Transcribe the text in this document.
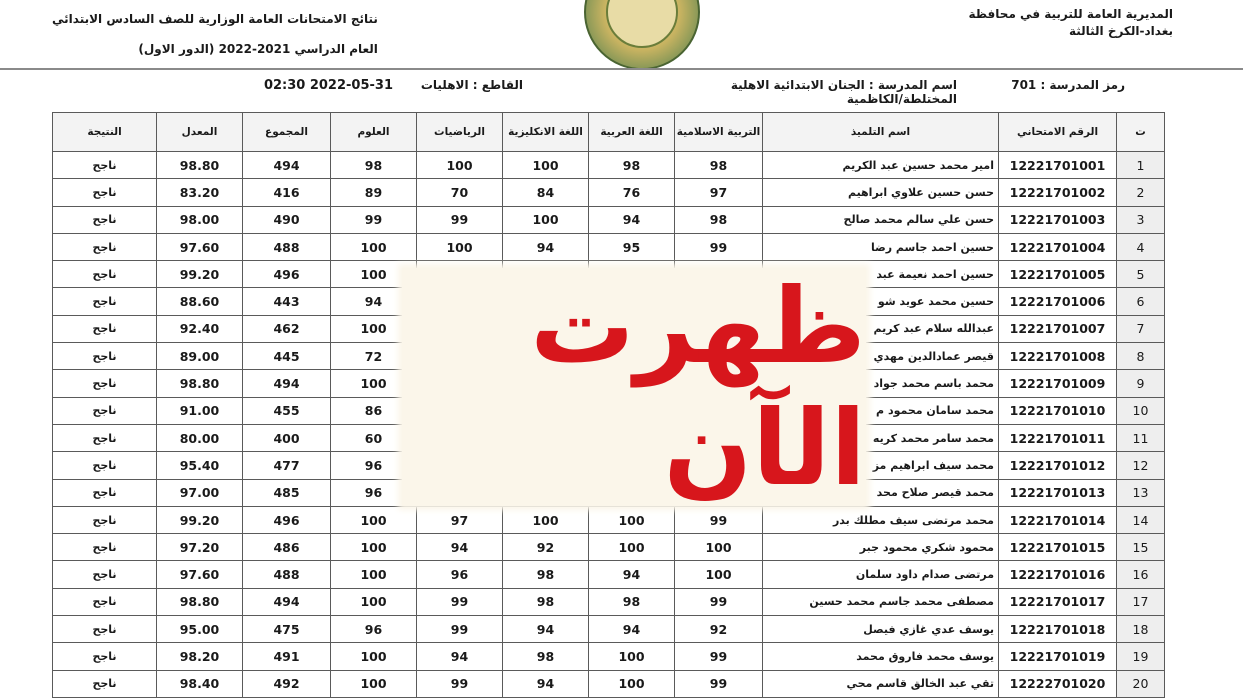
المديرية العامة للتربية في محافظة
بغداد-الكرخ الثالثة
نتائج الامتحانات العامة الوزارية للصف السادس الابتدائي
العام الدراسي 2021-2022 (الدور الاول)
رمز المدرسة : 701
اسم المدرسة : الجنان الابتدائية الاهلية
المختلطة/الكاظمية
القاطع : الاهليات
02:30 2022-05-31
ت	الرقم الامتحاني	اسم التلميذ	التربية الاسلامية	اللغة العربية	اللغة الانكليزية	الرياضيات	العلوم	المجموع	المعدل	النتيجة
1	12221701001	امير محمد حسين عبد الكريم	98	98	100	100	98	494	98.80	ناجح
2	12221701002	حسن حسين علاوي ابراهيم	97	76	84	70	89	416	83.20	ناجح
3	12221701003	حسن علي سالم محمد صالح	98	94	100	99	99	490	98.00	ناجح
4	12221701004	حسين احمد جاسم رضا	99	95	94	100	100	488	97.60	ناجح
5	12221701005	حسين احمد نعيمة عبد					100	496	99.20	ناجح
6	12221701006	حسين محمد عويد شو					94	443	88.60	ناجح
7	12221701007	عبدالله سلام عبد كريم					100	462	92.40	ناجح
8	12221701008	قيصر عمادالدين مهدي					72	445	89.00	ناجح
9	12221701009	محمد باسم محمد جواد					100	494	98.80	ناجح
10	12221701010	محمد سامان محمود م					86	455	91.00	ناجح
11	12221701011	محمد سامر محمد كريه					60	400	80.00	ناجح
12	12221701012	محمد سيف ابراهيم مز					96	477	95.40	ناجح
13	12221701013	محمد قيصر صلاح محد					96	485	97.00	ناجح
14	12221701014	محمد مرتضى سيف مطلك بدر	99	100	100	97	100	496	99.20	ناجح
15	12221701015	محمود شكري محمود جبر	100	100	92	94	100	486	97.20	ناجح
16	12221701016	مرتضى صدام داود سلمان	100	94	98	96	100	488	97.60	ناجح
17	12221701017	مصطفى محمد جاسم محمد حسين	99	98	98	99	100	494	98.80	ناجح
18	12221701018	يوسف عدي غازي فيصل	92	94	94	99	96	475	95.00	ناجح
19	12221701019	يوسف محمد فاروق محمد	99	100	98	94	100	491	98.20	ناجح
20	12222701020	تقي عبد الخالق قاسم محي	99	100	94	99	100	492	98.40	ناجح
ظهرت الآن
